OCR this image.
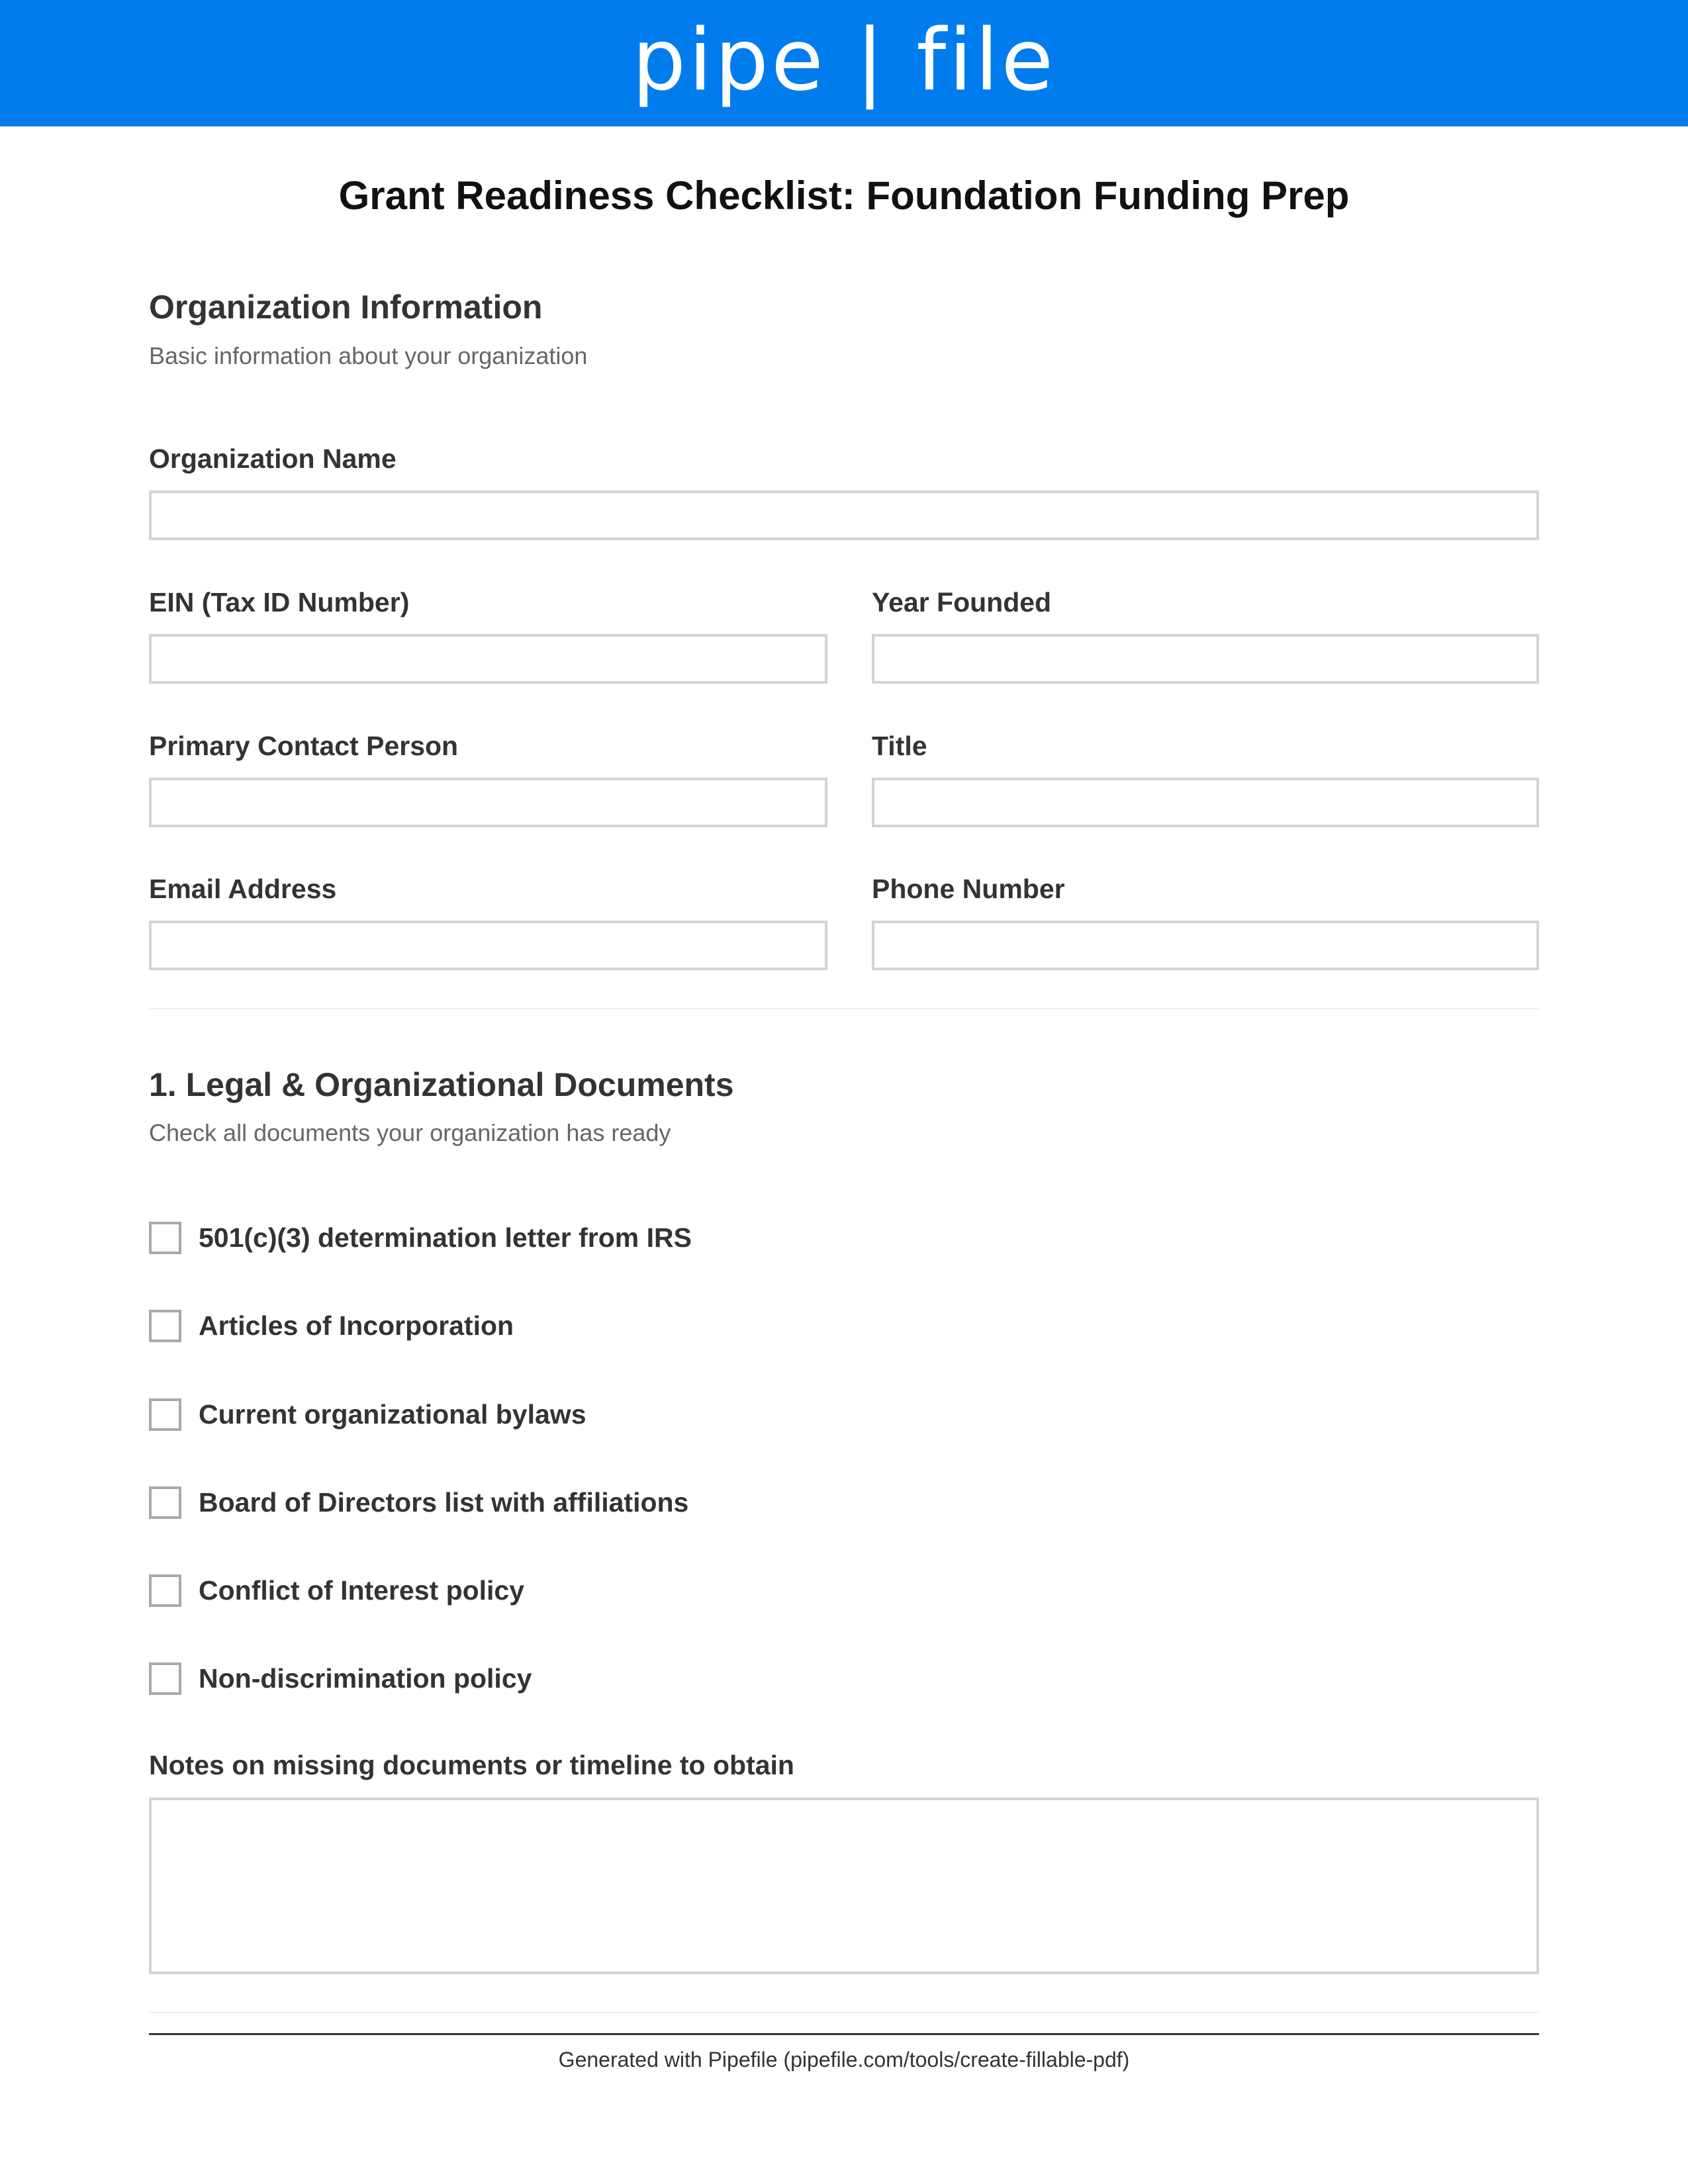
pipe | file
Grant Readiness Checklist: Foundation Funding Prep
Organization Information

Basic information about your organization

Organization Name
EIN (Tax ID Number)	Year Founded
Primary Contact Person	Title
Email Address	Phone Number
1. Legal & Organizational Documents

Check all documents your organization has ready

501(c)(3) determination letter from IRS
Articles of Incorporation
Current organizational bylaws
Board of Directors list with affiliations
Conflict of Interest policy
Non-discrimination policy
Notes on missing documents or timeline to obtain
Generated with Pipefile (pipefile.com/tools/create-fillable-pdf)
